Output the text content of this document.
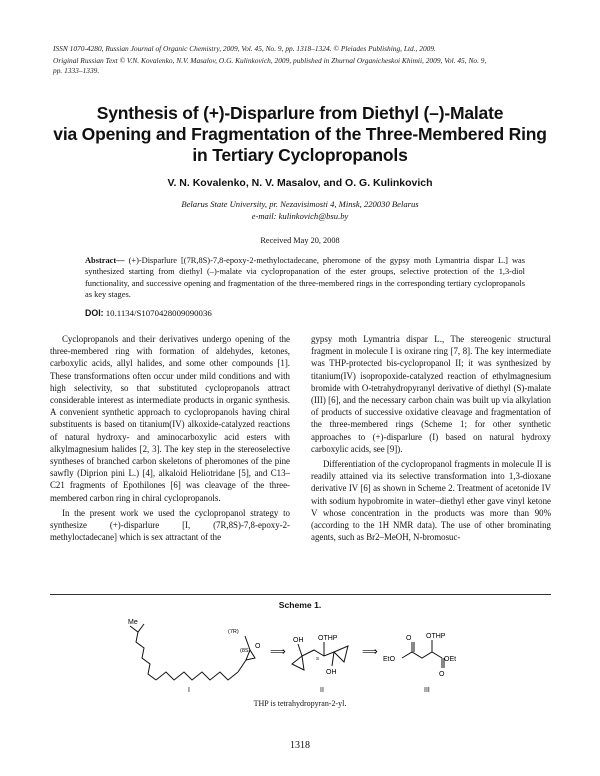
ISSN 1070-4280, Russian Journal of Organic Chemistry, 2009, Vol. 45, No. 9, pp. 1318–1324. © Pleiades Publishing, Ltd., 2009.
Original Russian Text © V.N. Kovalenko, N.V. Masalov, O.G. Kulinkovich, 2009, published in Zhurnal Organicheskoi Khimii, 2009, Vol. 45, No. 9,
pp. 1333–1339.
Synthesis of (+)-Disparlure from Diethyl (–)-Malate
via Opening and Fragmentation of the Three-Membered Ring
in Tertiary Cyclopropanols
V. N. Kovalenko, N. V. Masalov, and O. G. Kulinkovich
Belarus State University, pr. Nezavisimosti 4, Minsk, 220030 Belarus
e-mail: kulinkovich@bsu.by
Received May 20, 2008
Abstract— (+)-Disparlure [(7R,8S)-7,8-epoxy-2-methyloctadecane, pheromone of the gypsy moth Lymantria dispar L.] was synthesized starting from diethyl (–)-malate via cyclopropanation of the ester groups, selective protection of the 1,3-diol functionality, and successive opening and fragmentation of the three-membered rings in the corresponding tertiary cyclopropanols as key stages.
DOI: 10.1134/S1070428009090036

Cyclopropanols and their derivatives undergo opening of the three-membered ring with formation of aldehydes, ketones, carboxylic acids, allyl halides, and some other compounds [1]. These transformations often occur under mild conditions and with high selectivity, so that substituted cyclopropanols attract considerable interest as intermediate products in organic synthesis. A convenient synthetic approach to cyclopropanols having chiral substituents is based on titanium(IV) alkoxide-catalyzed reactions of natural hydroxy- and aminocarboxylic acid esters with alkylmagnesium halides [2, 3]. The key step in the stereoselective syntheses of branched carbon skeletons of pheromones of the pine sawfly (Diprion pini L.) [4], alkaloid Heliotridane [5], and C13–C21 fragments of Epothilones [6] was cleavage of the three-membered carbon ring in chiral cyclopropanols.

In the present work we used the cyclopropanol strategy to synthesize (+)-disparlure [I, (7R,8S)-7,8-epoxy-2-methyloctadecane] which is sex attractant of the

gypsy moth Lymantria dispar L., The stereogenic structural fragment in molecule I is oxirane ring [7, 8]. The key intermediate was THP-protected bis-cyclopropanol II; it was synthesized by titanium(IV) isopropoxide-catalyzed reaction of ethylmagnesium bromide with O-tetrahydropyranyl derivative of diethyl (S)-malate (III) [6], and the necessary carbon chain was built up via alkylation of products of successive oxidative cleavage and fragmentation of the three-membered rings (Scheme 1; for other synthetic approaches to (+)-disparlure (I) based on natural hydroxy carboxylic acids, see [9]).

Differentiation of the cyclopropanol fragments in molecule II is readily attained via its selective transformation into 1,3-dioxane derivative IV [6] as shown in Scheme 2. Treatment of acetonide IV with sodium hypobromite in water–diethyl ether gave vinyl ketone V whose concentration in the products was more than 90% (according to the 1H NMR data). The use of other brominating agents, such as Br2–MeOH, N-bromosuc-

Scheme 1.
Me
(7R)
(8S)
O
I
⟹
OH OTHP
OH
S
II
⟹
O OTHP
EtO	OEt
O
III
THP is tetrahydropyran-2-yl.
1318
